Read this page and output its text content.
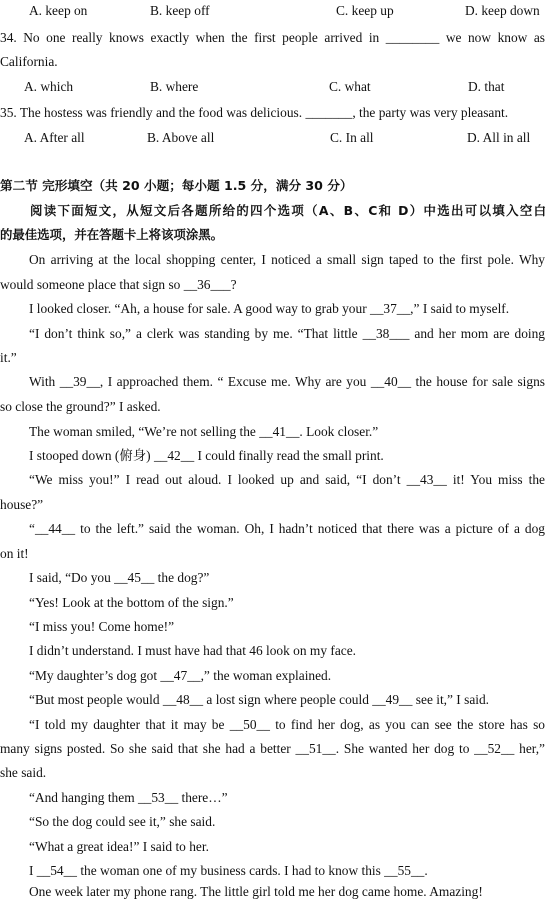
A. keep on	B. keep off	C. keep up	D. keep down
34. No one really knows exactly when the first people arrived in ________ we now know as
California.
A. which	B. where	C. what	D. that
35. The hostess was friendly and the food was delicious. _______, the party was very pleasant.
A. After all	B. Above all	C. In all	D. All in all
第二节 完形填空（共 20 小题；每小题 1.5 分，满分 30 分）
阅读下面短文，从短文后各题所给的四个选项（A、B、C和 D）中选出可以填入空白
的最佳选项，并在答题卡上将该项涂黑。
On arriving at the local shopping center, I noticed a small sign taped to the first pole. Why
would someone place that sign so __36___?
I looked closer. “Ah, a house for sale. A good way to grab your __37__,” I said to myself.
“I don’t think so,” a clerk was standing by me. “That little __38___ and her mom are doing
it.”
With __39__, I approached them. “ Excuse me. Why are you __40__ the house for sale signs
so close the ground?” I asked.
The woman smiled, “We’re not selling the __41__. Look closer.”
I stooped down (俯身) __42__ I could finally read the small print.
“We miss you!” I read out aloud. I looked up and said, “I don’t __43__ it! You miss the
house?”
“__44__ to the left.” said the woman. Oh, I hadn’t noticed that there was a picture of a dog
on it!
I said, “Do you __45__ the dog?”
“Yes! Look at the bottom of the sign.”
“I miss you! Come home!”
I didn’t understand. I must have had that 46 look on my face.
“My daughter’s dog got __47__,” the woman explained.
“But most people would __48__ a lost sign where people could __49__ see it,” I said.
“I told my daughter that it may be __50__ to find her dog, as you can see the store has so
many signs posted. So she said that she had a better __51__. She wanted her dog to __52__ her,”
she said.
“And hanging them __53__ there…”
“So the dog could see it,” she said.
“What a great idea!” I said to her.
I __54__ the woman one of my business cards. I had to know this __55__.
One week later my phone rang. The little girl told me her dog came home. Amazing!
